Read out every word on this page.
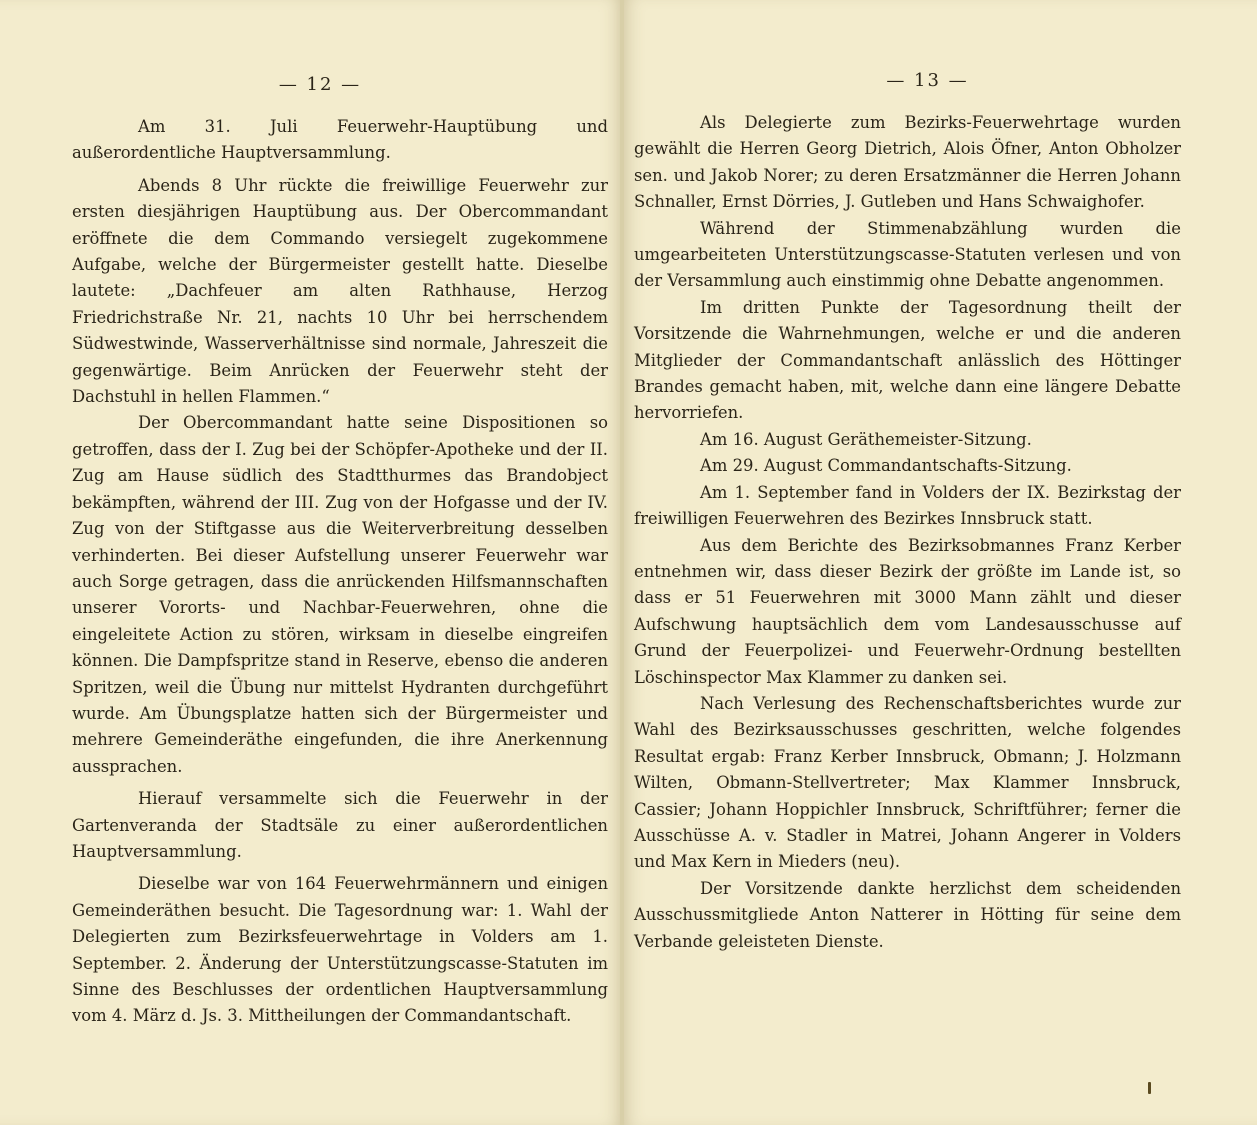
— 12 —

Am 31. Juli Feuerwehr-Hauptübung und außerordentliche Hauptversammlung.

Abends 8 Uhr rückte die freiwillige Feuerwehr zur ersten diesjährigen Hauptübung aus. Der Obercommandant eröffnete die dem Commando versiegelt zugekommene Aufgabe, welche der Bürgermeister gestellt hatte. Dieselbe lautete: „Dachfeuer am alten Rathhause, Herzog Friedrichstraße Nr. 21, nachts 10 Uhr bei herrschendem Südwestwinde, Wasserverhältnisse sind normale, Jahreszeit die gegenwärtige. Beim Anrücken der Feuerwehr steht der Dachstuhl in hellen Flammen.“

Der Obercommandant hatte seine Dispositionen so getroffen, dass der I. Zug bei der Schöpfer-Apotheke und der II. Zug am Hause südlich des Stadtthurmes das Brandobject bekämpften, während der III. Zug von der Hofgasse und der IV. Zug von der Stiftgasse aus die Weiterverbreitung desselben verhinderten. Bei dieser Aufstellung unserer Feuerwehr war auch Sorge getragen, dass die anrückenden Hilfsmannschaften unserer Vororts- und Nachbar-Feuerwehren, ohne die eingeleitete Action zu stören, wirksam in dieselbe eingreifen können. Die Dampfspritze stand in Reserve, ebenso die anderen Spritzen, weil die Übung nur mittelst Hydranten durchgeführt wurde. Am Übungsplatze hatten sich der Bürgermeister und mehrere Gemeinderäthe eingefunden, die ihre Anerkennung aussprachen.

Hierauf versammelte sich die Feuerwehr in der Gartenveranda der Stadtsäle zu einer außerordentlichen Hauptversammlung.

Dieselbe war von 164 Feuerwehrmännern und einigen Gemeinderäthen besucht. Die Tagesordnung war: 1. Wahl der Delegierten zum Bezirksfeuerwehrtage in Volders am 1. September. 2. Änderung der Unterstützungscasse-Statuten im Sinne des Beschlusses der ordentlichen Hauptversammlung vom 4. März d. Js. 3. Mittheilungen der Commandantschaft.

— 13 —

Als Delegierte zum Bezirks-Feuerwehrtage wurden gewählt die Herren Georg Dietrich, Alois Öfner, Anton Obholzer sen. und Jakob Norer; zu deren Ersatzmänner die Herren Johann Schnaller, Ernst Dörries, J. Gutleben und Hans Schwaighofer.

Während der Stimmenabzählung wurden die umgearbeiteten Unterstützungscasse-Statuten verlesen und von der Versammlung auch einstimmig ohne Debatte angenommen.

Im dritten Punkte der Tagesordnung theilt der Vorsitzende die Wahrnehmungen, welche er und die anderen Mitglieder der Commandantschaft anlässlich des Höttinger Brandes gemacht haben, mit, welche dann eine längere Debatte hervorriefen.

Am 16. August Geräthemeister-Sitzung.

Am 29. August Commandantschafts-Sitzung.

Am 1. September fand in Volders der IX. Bezirkstag der freiwilligen Feuerwehren des Bezirkes Innsbruck statt.

Aus dem Berichte des Bezirksobmannes Franz Kerber entnehmen wir, dass dieser Bezirk der größte im Lande ist, so dass er 51 Feuerwehren mit 3000 Mann zählt und dieser Aufschwung hauptsächlich dem vom Landesausschusse auf Grund der Feuerpolizei- und Feuerwehr-Ordnung bestellten Löschinspector Max Klammer zu danken sei.

Nach Verlesung des Rechenschaftsberichtes wurde zur Wahl des Bezirksausschusses geschritten, welche folgendes Resultat ergab: Franz Kerber Innsbruck, Obmann; J. Holzmann Wilten, Obmann-Stellvertreter; Max Klammer Innsbruck, Cassier; Johann Hoppichler Innsbruck, Schriftführer; ferner die Ausschüsse A. v. Stadler in Matrei, Johann Angerer in Volders und Max Kern in Mieders (neu).

Der Vorsitzende dankte herzlichst dem scheidenden Ausschussmitgliede Anton Natterer in Hötting für seine dem Verbande geleisteten Dienste.
